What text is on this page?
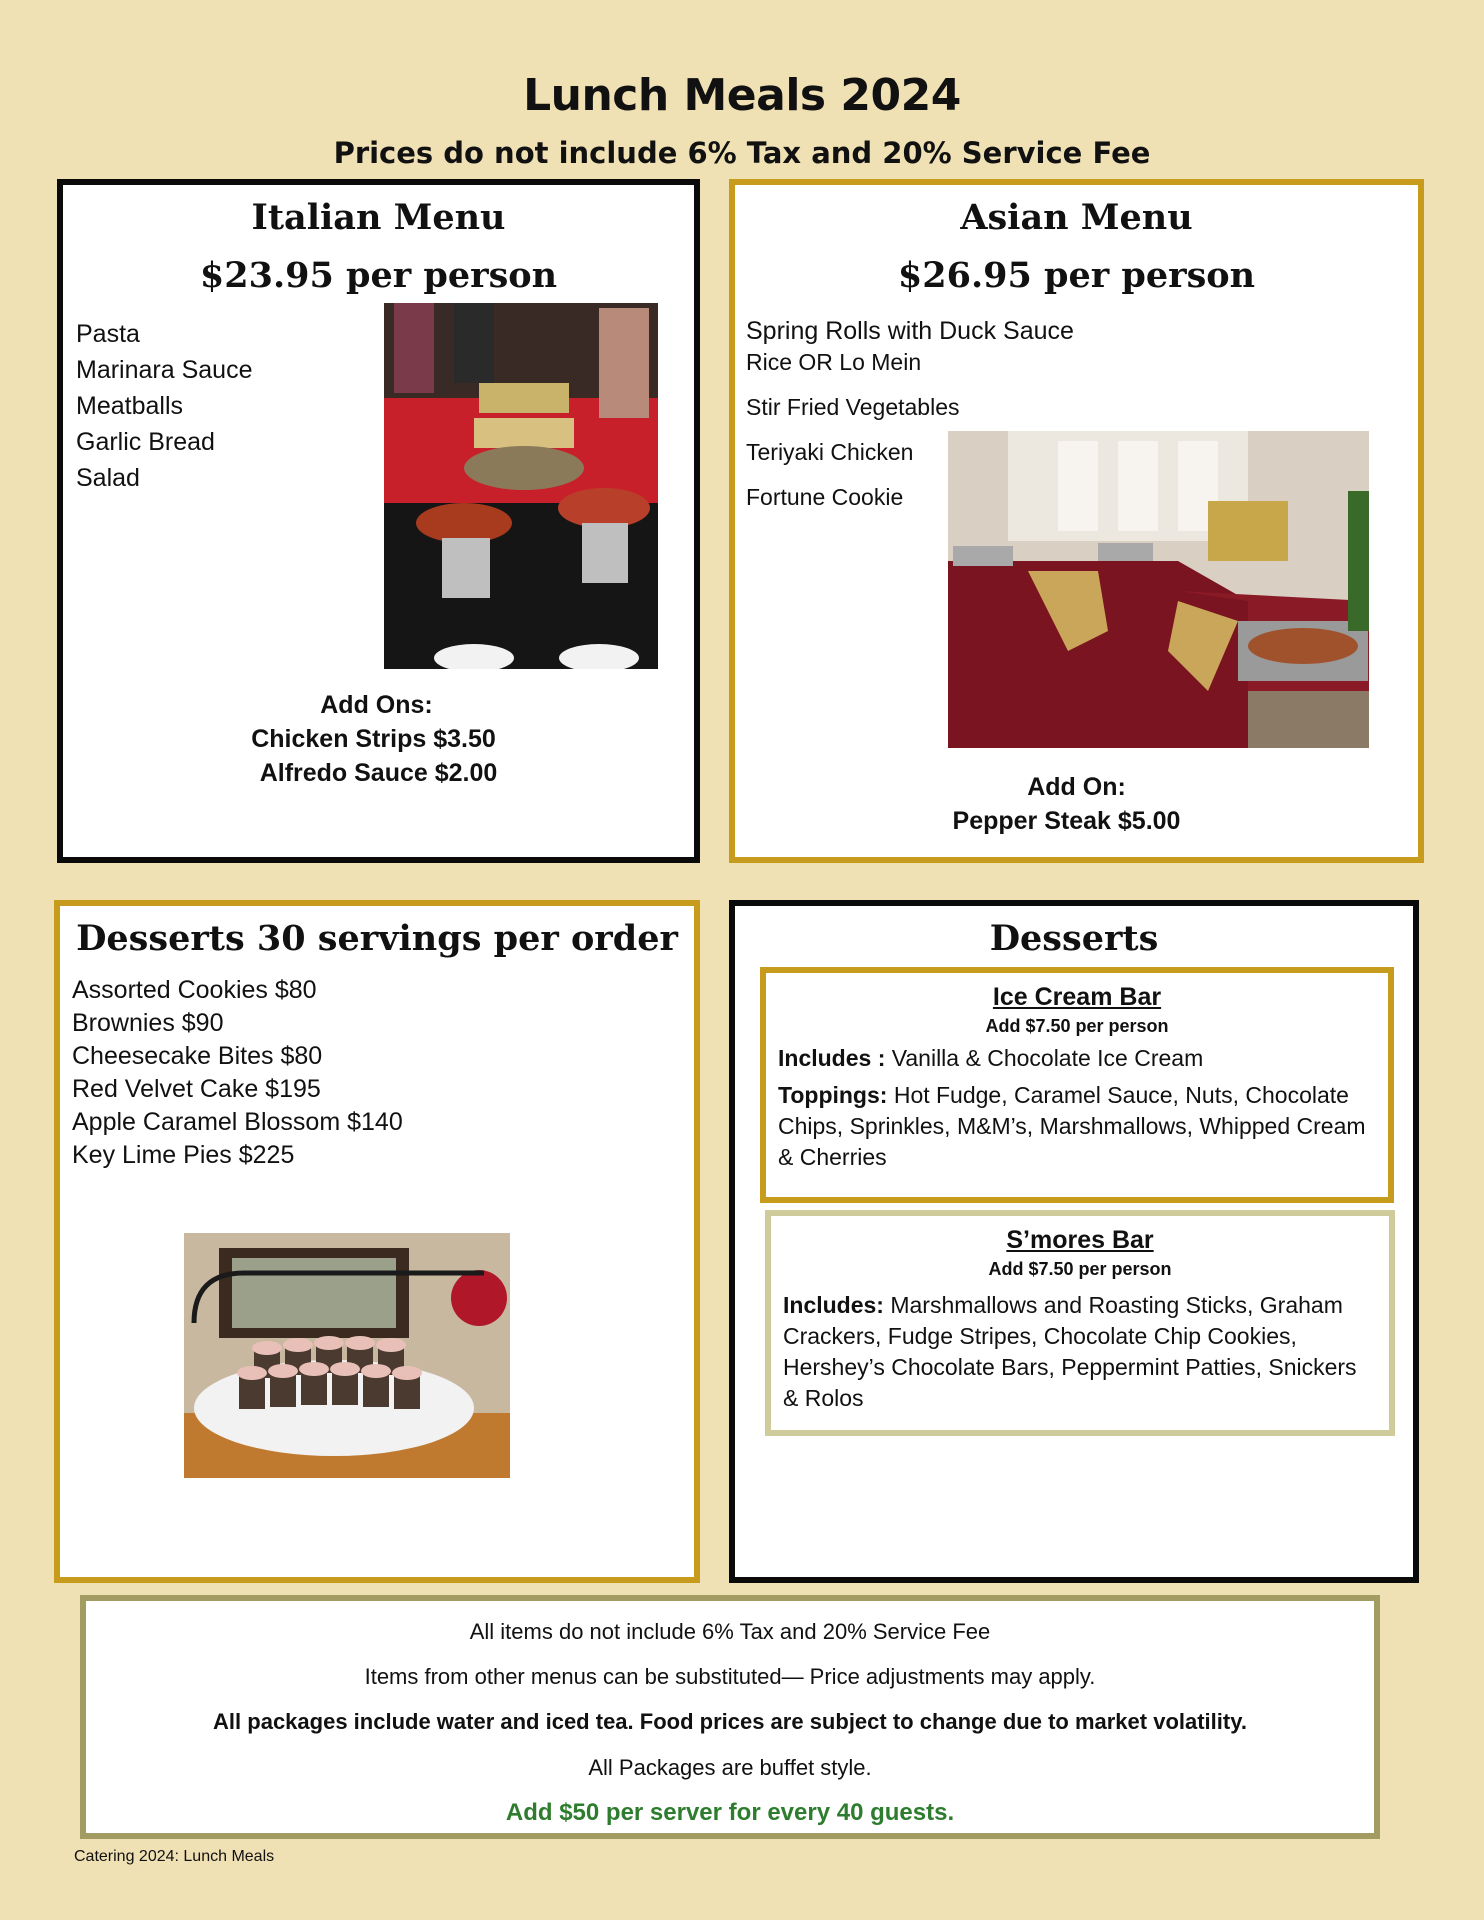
Lunch Meals 2024
Prices do not include 6% Tax and 20% Service Fee
Italian Menu
$23.95 per person
Pasta
Marinara Sauce
Meatballs
Garlic Bread
Salad
Add Ons:
Chicken Strips $3.50
Alfredo Sauce $2.00
Asian Menu
$26.95 per person
Spring Rolls with Duck Sauce
Rice OR Lo Mein
Stir Fried Vegetables
Teriyaki Chicken
Fortune Cookie
Add On:
Pepper Steak $5.00
Desserts 30 servings per order
Assorted Cookies $80
Brownies $90
Cheesecake Bites $80
Red Velvet Cake $195
Apple Caramel Blossom $140
Key Lime Pies $225
Desserts
Ice Cream Bar
Add $7.50 per person

Includes : Vanilla & Chocolate Ice Cream

Toppings: Hot Fudge, Caramel Sauce, Nuts, Chocolate Chips, Sprinkles, M&M’s, Marshmallows, Whipped Cream & Cherries

S’mores Bar
Add $7.50 per person

Includes: Marshmallows and Roasting Sticks, Graham Crackers, Fudge Stripes, Chocolate Chip Cookies, Hershey’s Chocolate Bars, Peppermint Patties, Snickers & Rolos

All items do not include 6% Tax and 20% Service Fee
Items from other menus can be substituted— Price adjustments may apply.
All packages include water and iced tea. Food prices are subject to change due to market volatility.
All Packages are buffet style.
Add $50 per server for every 40 guests.
Catering 2024: Lunch Meals
